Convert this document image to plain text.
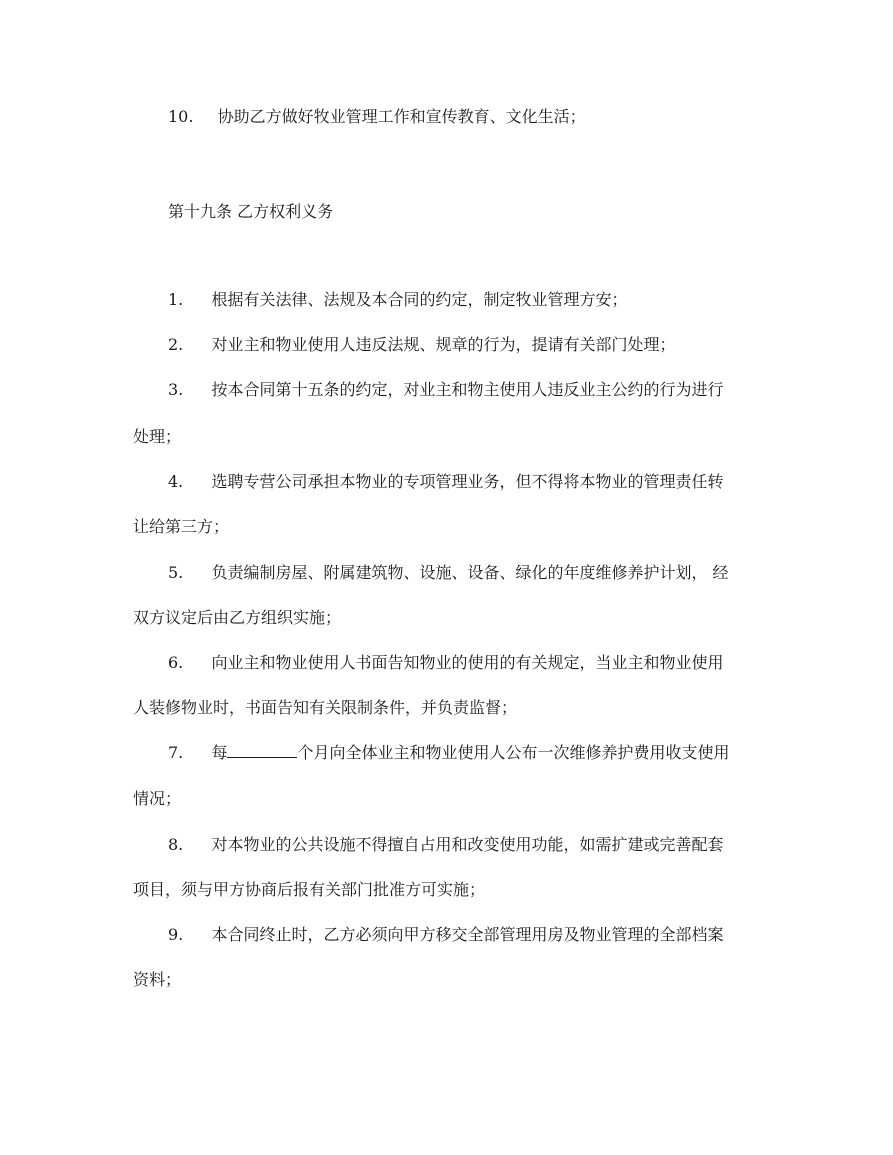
10. 协助乙方做好牧业管理工作和宣传教育、文化生活；
第十九条 乙方权利义务
1. 根据有关法律、法规及本合同的约定，制定牧业管理方安；
2. 对业主和物业使用人违反法规、规章的行为，提请有关部门处理；
3. 按本合同第十五条的约定，对业主和物主使用人违反业主公约的行为进行
处理；
4. 选聘专营公司承担本物业的专项管理业务，但不得将本物业的管理责任转
让给第三方；
5. 负责编制房屋、附属建筑物、设施、设备、绿化的年度维修养护计划， 经
双方议定后由乙方组织实施；
6. 向业主和物业使用人书面告知物业的使用的有关规定，当业主和物业使用
人装修物业时，书面告知有关限制条件，并负责监督；
7. 每	个月向全体业主和物业使用人公布一次维修养护费用收支使用
情况；
8. 对本物业的公共设施不得擅自占用和改变使用功能，如需扩建或完善配套
项目，须与甲方协商后报有关部门批准方可实施；
9. 本合同终止时，乙方必须向甲方移交全部管理用房及物业管理的全部档案
资料；
